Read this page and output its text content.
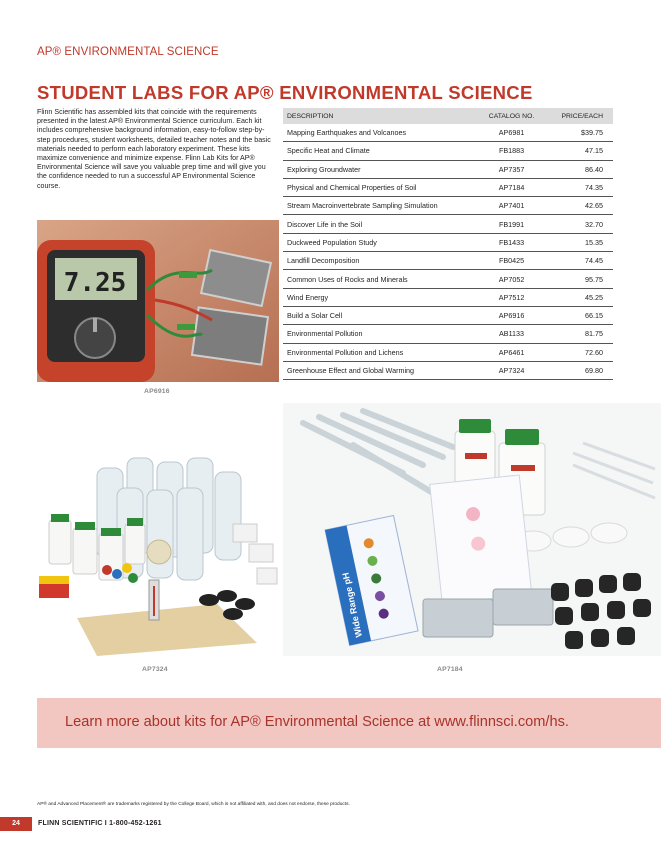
AP® ENVIRONMENTAL SCIENCE
STUDENT LABS FOR AP® ENVIRONMENTAL SCIENCE
Flinn Scientific has assembled kits that coincide with the requirements presented in the latest AP® Environmental Science curriculum. Each kit includes comprehensive background information, easy-to-follow step-by-step procedures, student worksheets, detailed teacher notes and the basic materials needed to perform each laboratory experiment. These kits maximize convenience and minimize expense. Flinn Lab Kits for AP® Environmental Science will save you valuable prep time and will give you the confidence needed to run a successful AP Environmental Science course.
DESCRIPTION	CATALOG NO.	PRICE/EACH
Mapping Earthquakes and Volcanoes	AP6981	$39.75
Specific Heat and Climate	FB1883	47.15
Exploring Groundwater	AP7357	86.40
Physical and Chemical Properties of Soil	AP7184	74.35
Stream Macroinvertebrate Sampling Simulation	AP7401	42.65
Discover Life in the Soil	FB1991	32.70
Duckweed Population Study	FB1433	15.35
Landfill Decomposition	FB0425	74.45
Common Uses of Rocks and Minerals	AP7052	95.75
Wind Energy	AP7512	45.25
Build a Solar Cell	AP6916	66.15
Environmental Pollution	AB1133	81.75
Environmental Pollution and Lichens	AP6461	72.60
Greenhouse Effect and Global Warming	AP7324	69.80
7.25
AP6916
AP7324
Wide Range pH
AP7184
Learn more about kits for AP® Environmental Science at www.flinnsci.com/hs.
AP® and Advanced Placement® are trademarks registered by the College Board, which is not affiliated with, and does not endorse, these products.
24	FLINN SCIENTIFIC I 1-800-452-1261
